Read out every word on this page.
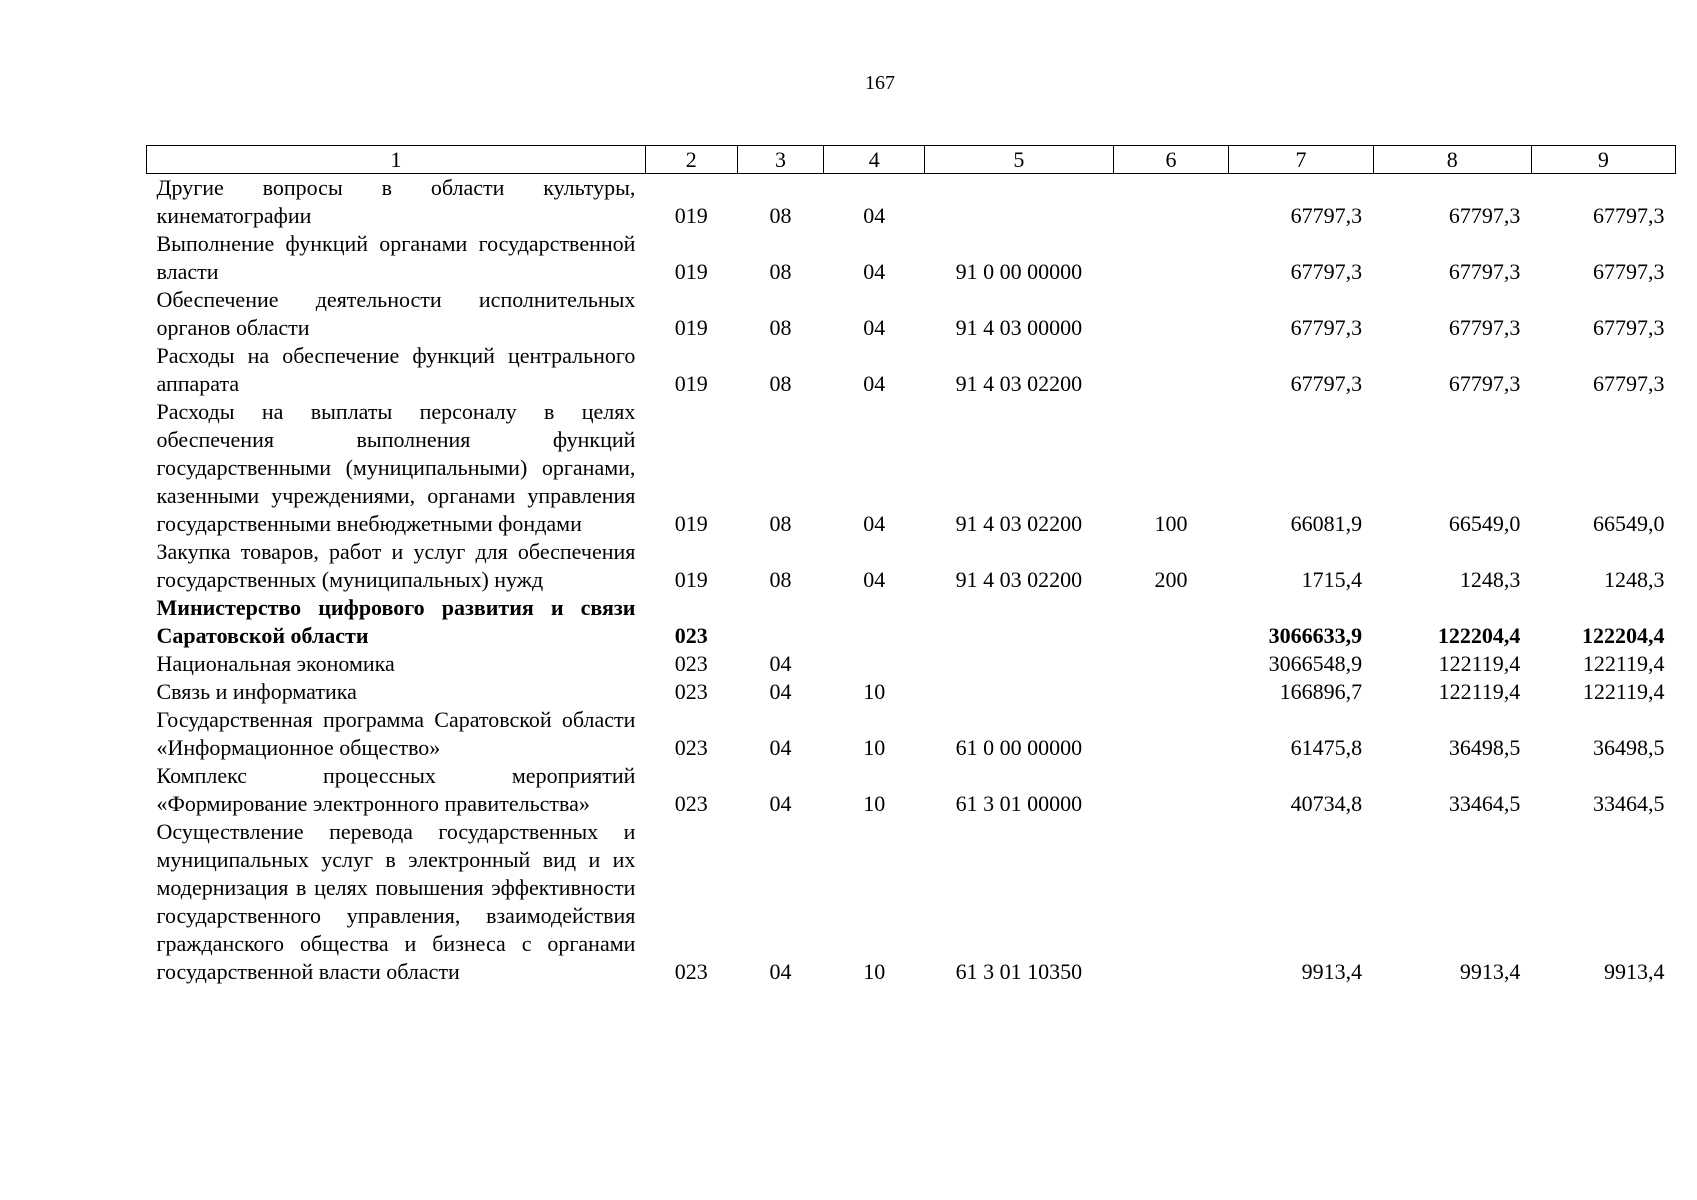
167
1	2	3	4	5	6	7	8	9
Другие вопросы в области культуры, кинематографии	019	08	04			67797,3	67797,3	67797,3
Выполнение функций органами государственной власти	019	08	04	91 0 00 00000		67797,3	67797,3	67797,3
Обеспечение деятельности исполнительных органов области	019	08	04	91 4 03 00000		67797,3	67797,3	67797,3
Расходы на обеспечение функций центрального аппарата	019	08	04	91 4 03 02200		67797,3	67797,3	67797,3
Расходы на выплаты персоналу в целях обеспечения выполнения функций государственными (муниципальными) органами, казенными учреждениями, органами управления государственными внебюджетными фондами	019	08	04	91 4 03 02200	100	66081,9	66549,0	66549,0
Закупка товаров, работ и услуг для обеспечения государственных (муниципальных) нужд	019	08	04	91 4 03 02200	200	1715,4	1248,3	1248,3
Министерство цифрового развития и связи Саратовской области	023					3066633,9	122204,4	122204,4
Национальная экономика	023	04				3066548,9	122119,4	122119,4
Связь и информатика	023	04	10			166896,7	122119,4	122119,4
Государственная программа Саратовской области «Информационное общество»	023	04	10	61 0 00 00000		61475,8	36498,5	36498,5
Комплекс процессных мероприятий «Формирование электронного правительства»	023	04	10	61 3 01 00000		40734,8	33464,5	33464,5
Осуществление перевода государственных и муниципальных услуг в электронный вид и их модернизация в целях повышения эффективности государственного управления, взаимодействия гражданского общества и бизнеса с органами государственной власти области	023	04	10	61 3 01 10350		9913,4	9913,4	9913,4
